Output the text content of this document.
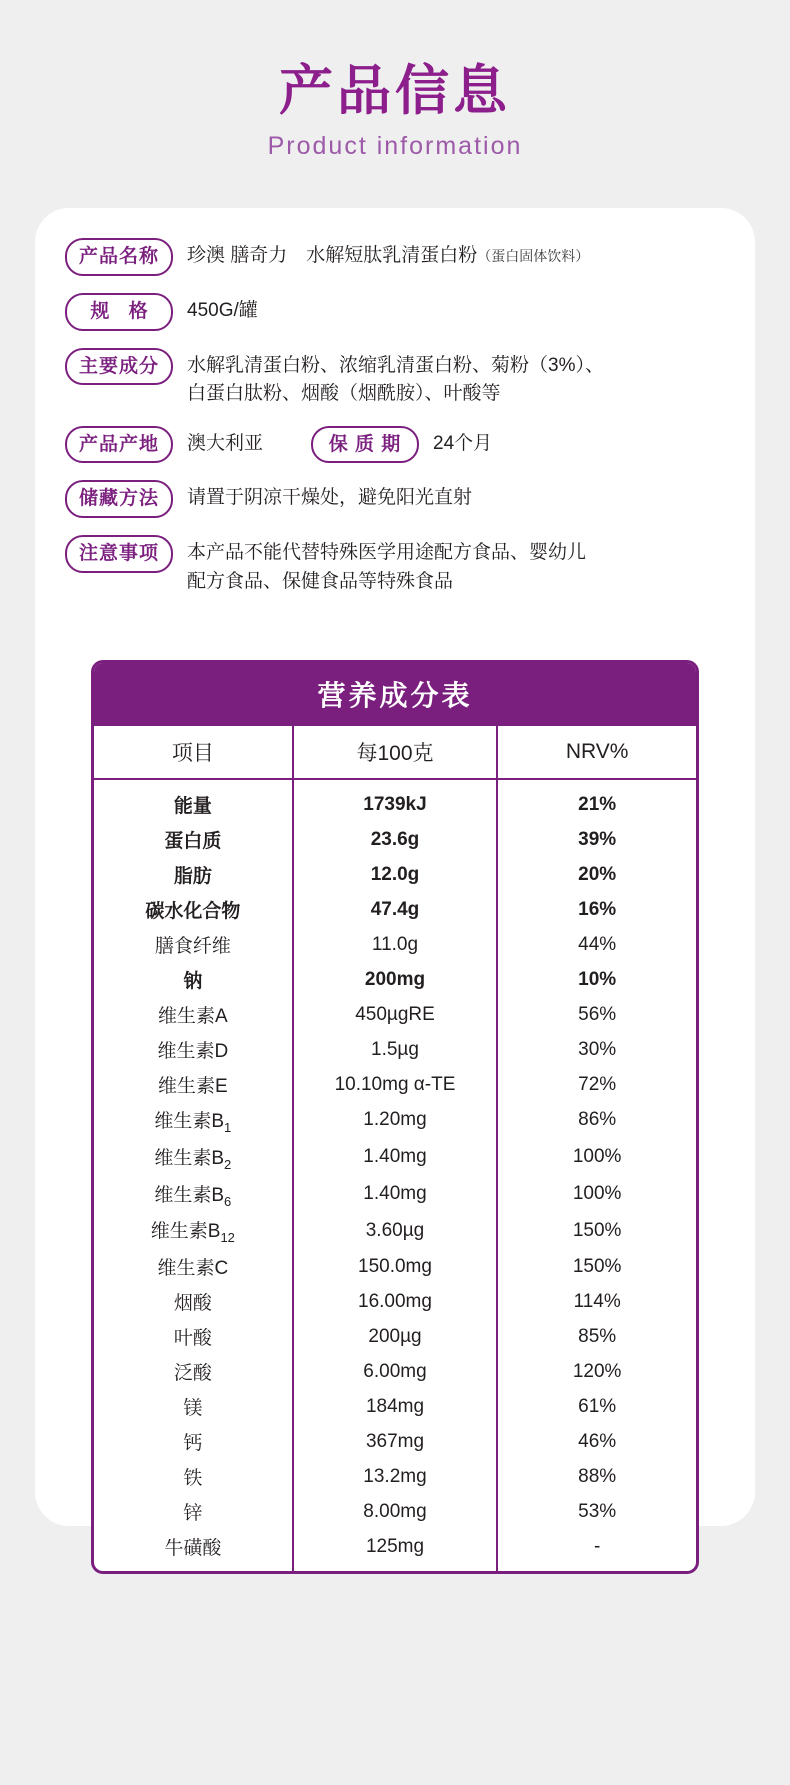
产品信息
Product information
产品名称	珍澳 膳奇力　水解短肽乳清蛋白粉（蛋白固体饮料）
规 格	450G/罐
主要成分	水解乳清蛋白粉、浓缩乳清蛋白粉、菊粉（3%）、
白蛋白肽粉、烟酸（烟酰胺）、叶酸等
产品产地	澳大利亚	保 质 期	24个月
储藏方法	请置于阴凉干燥处，避免阳光直射
注意事项	本产品不能代替特殊医学用途配方食品、婴幼儿
配方食品、保健食品等特殊食品
营养成分表
项目	每100克	NRV%
能量	1739kJ	21%
蛋白质	23.6g	39%
脂肪	12.0g	20%
碳水化合物	47.4g	16%
膳食纤维	11.0g	44%
钠	200mg	10%
维生素A	450µgRE	56%
维生素D	1.5µg	30%
维生素E	10.10mg α-TE	72%
维生素$B_1$	1.20mg	86%
维生素$B_2$	1.40mg	100%
维生素$B_6$	1.40mg	100%
维生素$B_{12}$	3.60µg	150%
维生素C	150.0mg	150%
烟酸	16.00mg	114%
叶酸	200µg	85%
泛酸	6.00mg	120%
镁	184mg	61%
钙	367mg	46%
铁	13.2mg	88%
锌	8.00mg	53%
牛磺酸	125mg	-
